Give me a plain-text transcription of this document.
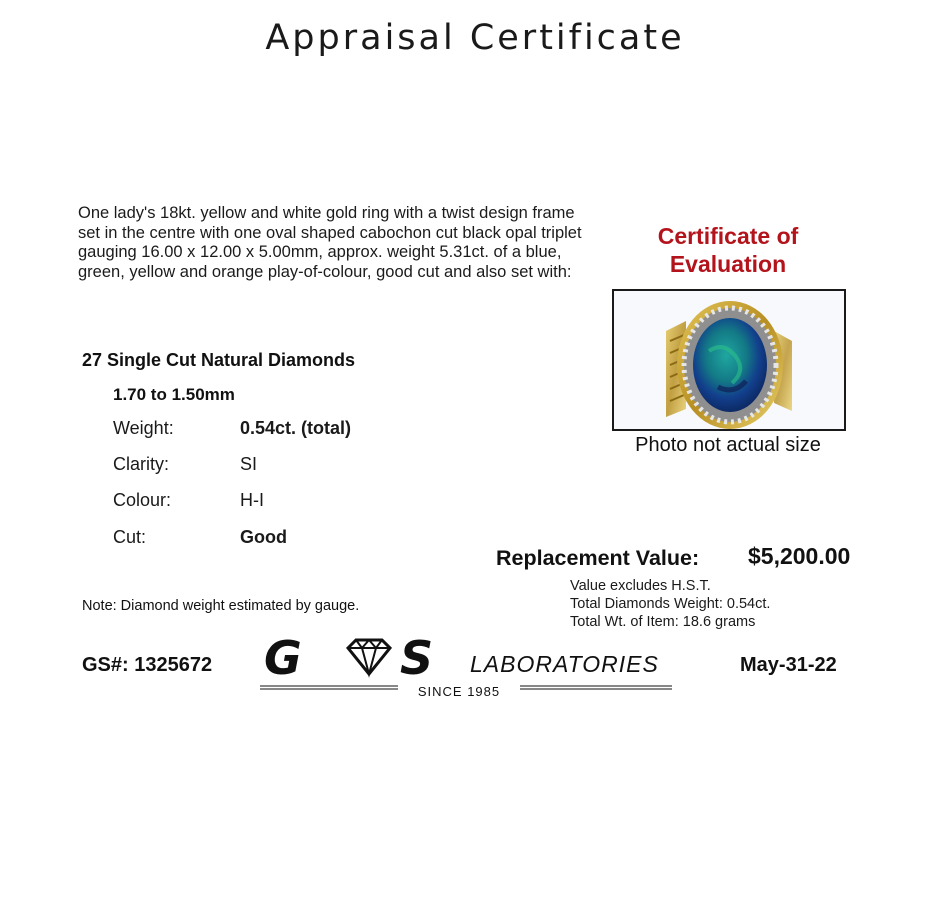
Appraisal Certificate
One lady's 18kt. yellow and white gold ring with a twist design frame set in the centre with one oval shaped cabochon cut black opal triplet gauging 16.00 x 12.00 x 5.00mm, approx. weight 5.31ct. of a blue, green, yellow and orange play-of-colour, good cut and also set with:
27 Single Cut Natural Diamonds
1.70 to 1.50mm
Weight:	0.54ct. (total)
Clarity:	SI
Colour:	H-I
Cut:	Good
Certificate of
Evaluation
Photo not actual size
Replacement Value: $5,200.00
Value excludes H.S.T.
Total Diamonds Weight: 0.54ct.
Total Wt. of Item: 18.6 grams
Note: Diamond weight estimated by gauge.
GS#: 1325672 G S LABORATORIES
SINCE 1985
May-31-22
